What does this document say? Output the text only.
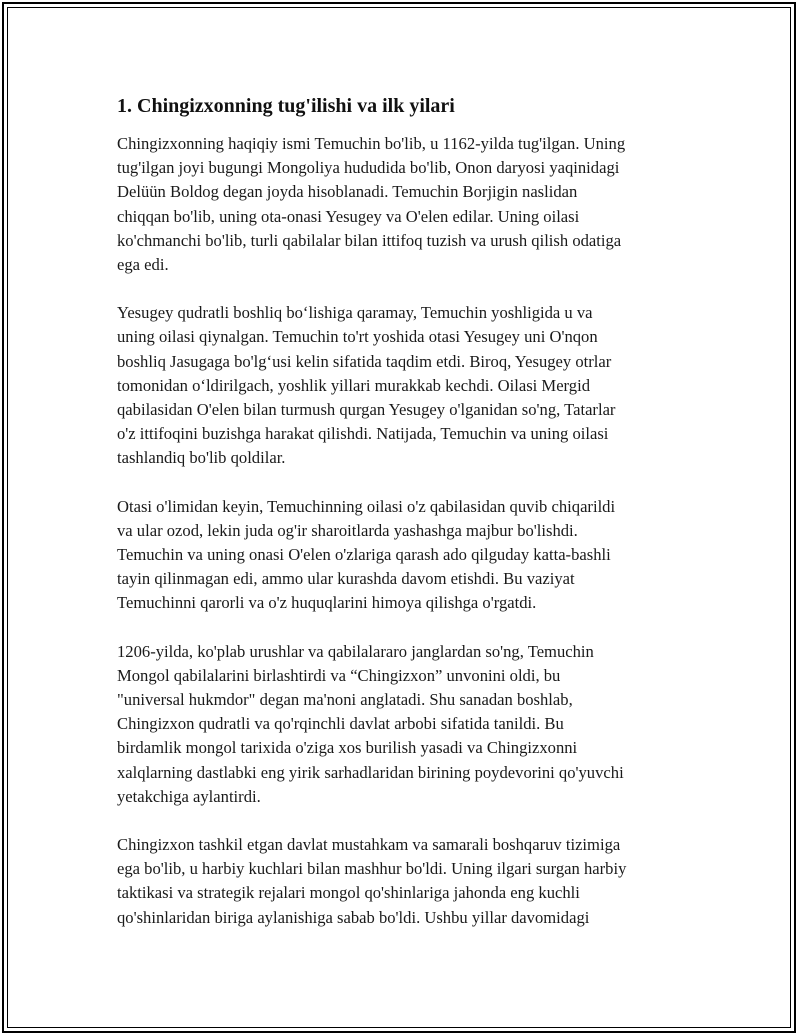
1. Chingizxonning tug'ilishi va ilk yilari

Chingizxonning haqiqiy ismi Temuchin bo'lib, u 1162-yilda tug'ilgan. Uning
tug'ilgan joyi bugungi Mongoliya hududida bo'lib, Onon daryosi yaqinidagi
Delüün Boldog degan joyda hisoblanadi. Temuchin Borjigin naslidan
chiqqan bo'lib, uning ota-onasi Yesugey va O'elen edilar. Uning oilasi
ko'chmanchi bo'lib, turli qabilalar bilan ittifoq tuzish va urush qilish odatiga
ega edi.

Yesugey qudratli boshliq bo‘lishiga qaramay, Temuchin yoshligida u va
uning oilasi qiynalgan. Temuchin to'rt yoshida otasi Yesugey uni O'nqon
boshliq Jasugaga bo'lg‘usi kelin sifatida taqdim etdi. Biroq, Yesugey otrlar
tomonidan o‘ldirilgach, yoshlik yillari murakkab kechdi. Oilasi Mergid
qabilasidan O'elen bilan turmush qurgan Yesugey o'lganidan so'ng, Tatarlar
o'z ittifoqini buzishga harakat qilishdi. Natijada, Temuchin va uning oilasi
tashlandiq bo'lib qoldilar.

Otasi o'limidan keyin, Temuchinning oilasi o'z qabilasidan quvib chiqarildi
va ular ozod, lekin juda og'ir sharoitlarda yashashga majbur bo'lishdi.
Temuchin va uning onasi O'elen o'zlariga qarash ado qilguday katta-bashli
tayin qilinmagan edi, ammo ular kurashda davom etishdi. Bu vaziyat
Temuchinni qarorli va o'z huquqlarini himoya qilishga o'rgatdi.

1206-yilda, ko'plab urushlar va qabilalararo janglardan so'ng, Temuchin
Mongol qabilalarini birlashtirdi va “Chingizxon” unvonini oldi, bu
"universal hukmdor" degan ma'noni anglatadi. Shu sanadan boshlab,
Chingizxon qudratli va qo'rqinchli davlat arbobi sifatida tanildi. Bu
birdamlik mongol tarixida o'ziga xos burilish yasadi va Chingizxonni
xalqlarning dastlabki eng yirik sarhadlaridan birining poydevorini qo'yuvchi
yetakchiga aylantirdi.

Chingizxon tashkil etgan davlat mustahkam va samarali boshqaruv tizimiga
ega bo'lib, u harbiy kuchlari bilan mashhur bo'ldi. Uning ilgari surgan harbiy
taktikasi va strategik rejalari mongol qo'shinlariga jahonda eng kuchli
qo'shinlaridan biriga aylanishiga sabab bo'ldi. Ushbu yillar davomidagi
